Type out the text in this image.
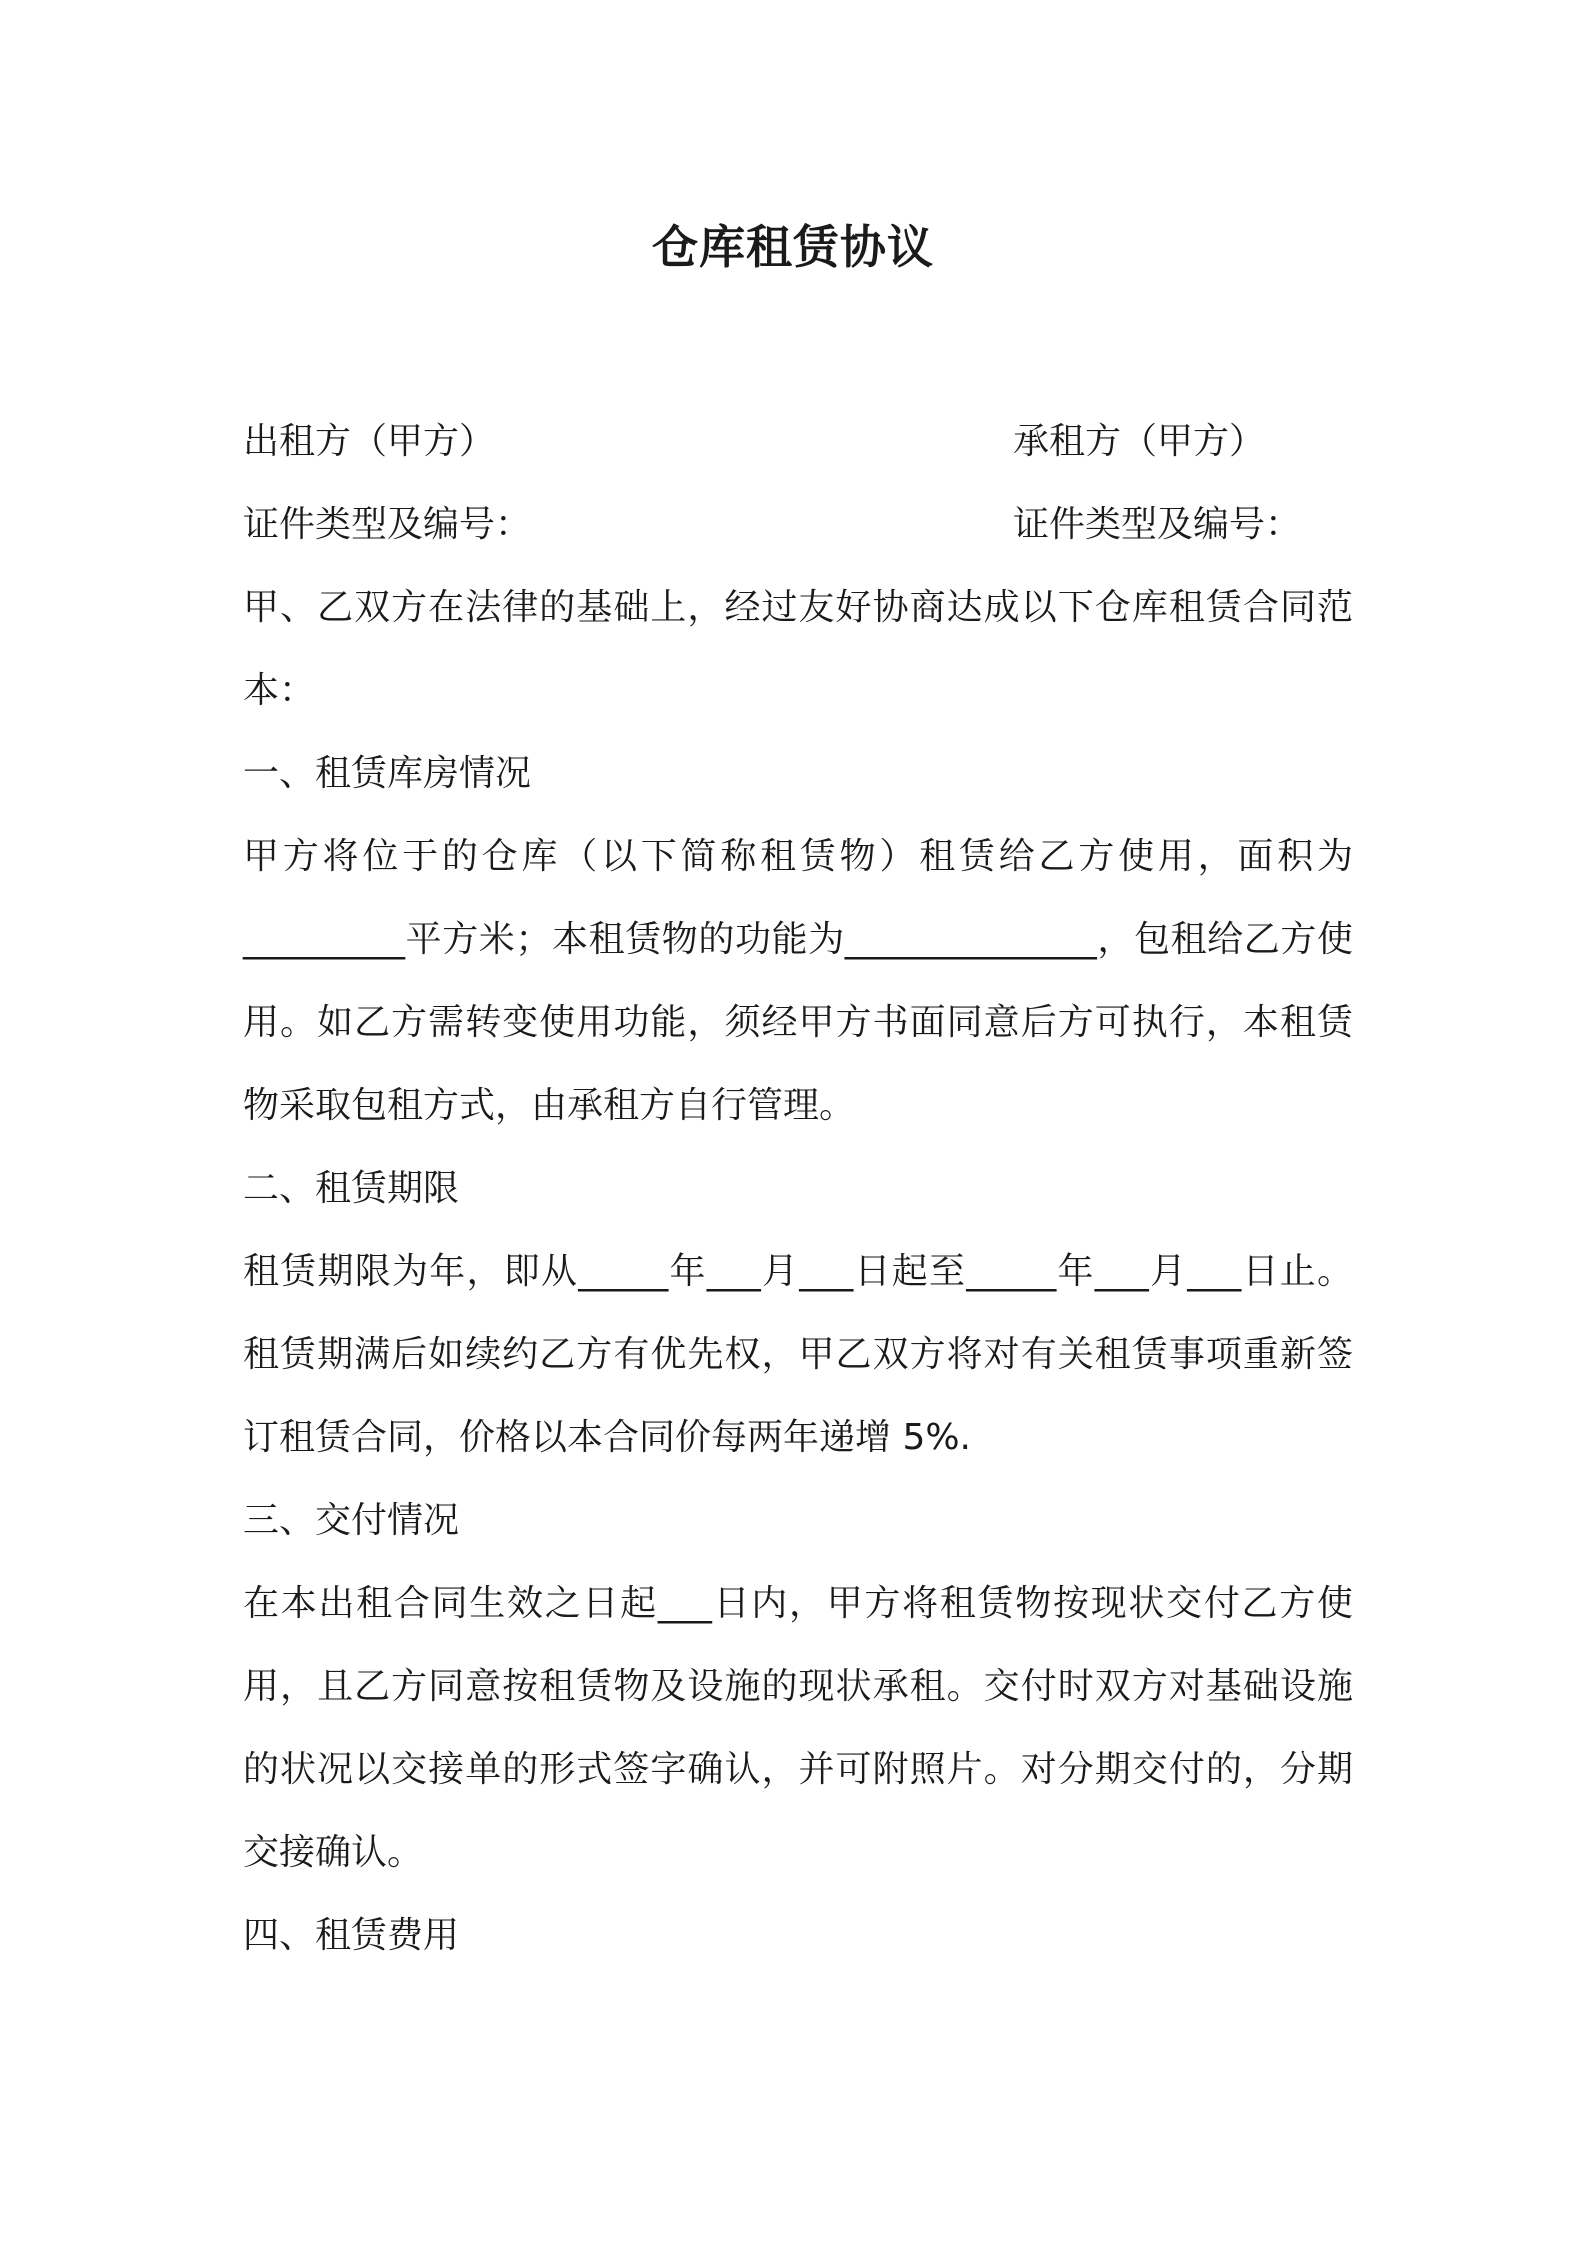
仓库租赁协议
出租方（甲方）
证件类型及编号：
承租方（甲方）
证件类型及编号：

甲、乙双方在法律的基础上，经过友好协商达成以下仓库租赁合同范本：

一、租赁库房情况

甲方将位于的仓库（以下简称租赁物）租赁给乙方使用，面积为_________平方米；本租赁物的功能为______________，包租给乙方使用。如乙方需转变使用功能，须经甲方书面同意后方可执行，本租赁物采取包租方式，由承租方自行管理。

二、租赁期限

租赁期限为年，即从_____年___月___日起至_____年___月___日止。租赁期满后如续约乙方有优先权，甲乙双方将对有关租赁事项重新签订租赁合同，价格以本合同价每两年递增 5%.

三、交付情况

在本出租合同生效之日起___日内，甲方将租赁物按现状交付乙方使用，且乙方同意按租赁物及设施的现状承租。交付时双方对基础设施的状况以交接单的形式签字确认，并可附照片。对分期交付的，分期交接确认。

四、租赁费用
